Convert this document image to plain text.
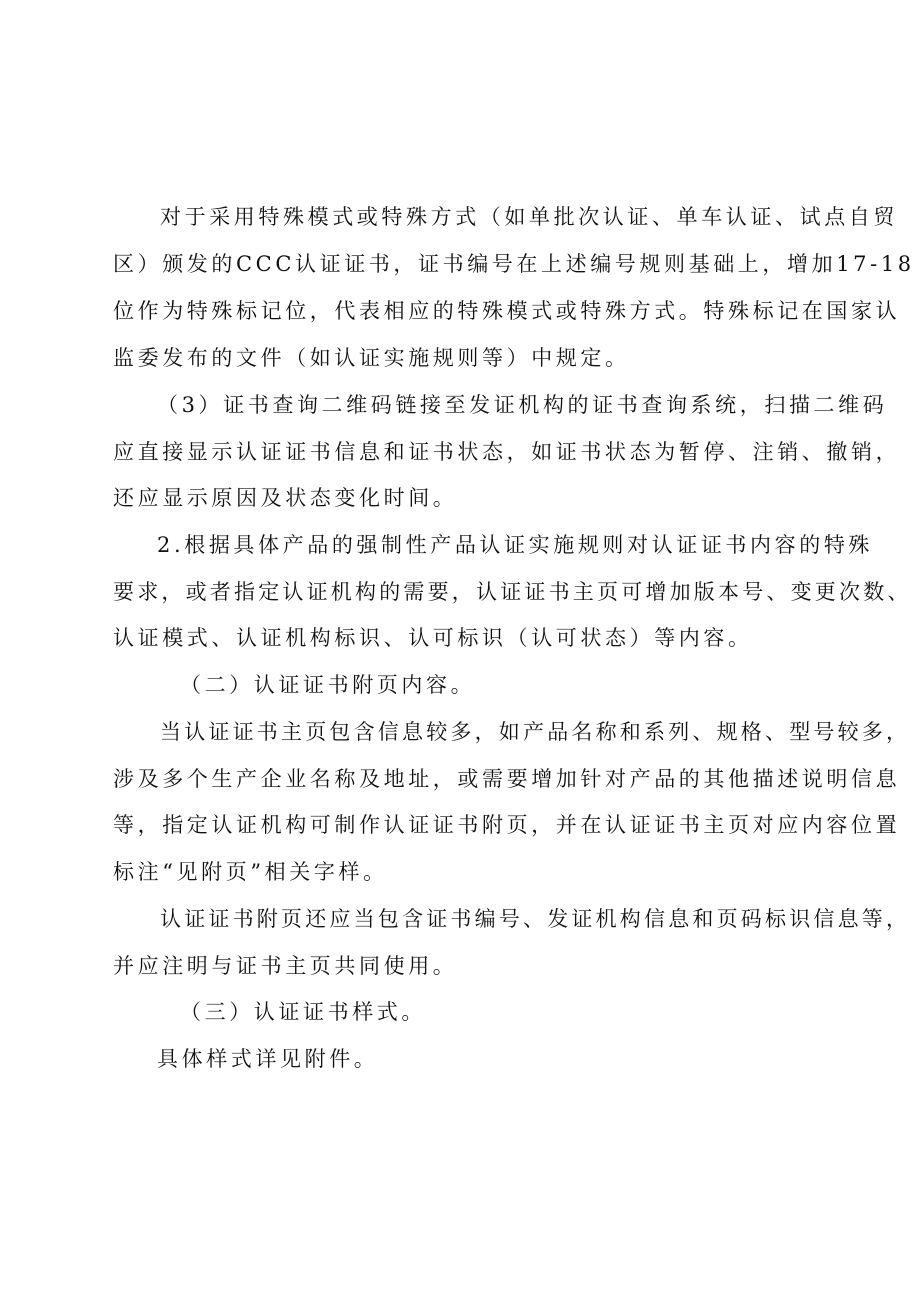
对于采用特殊模式或特殊方式（如单批次认证、单车认证、试点自贸
区）颁发的CCC认证证书，证书编号在上述编号规则基础上，增加17-18
位作为特殊标记位，代表相应的特殊模式或特殊方式。特殊标记在国家认
监委发布的文件（如认证实施规则等）中规定。
（3）证书查询二维码链接至发证机构的证书查询系统，扫描二维码
应直接显示认证证书信息和证书状态，如证书状态为暂停、注销、撤销，
还应显示原因及状态变化时间。
2.根据具体产品的强制性产品认证实施规则对认证证书内容的特殊
要求，或者指定认证机构的需要，认证证书主页可增加版本号、变更次数、
认证模式、认证机构标识、认可标识（认可状态）等内容。
（二）认证证书附页内容。
当认证证书主页包含信息较多，如产品名称和系列、规格、型号较多，
涉及多个生产企业名称及地址，或需要增加针对产品的其他描述说明信息
等，指定认证机构可制作认证证书附页，并在认证证书主页对应内容位置
标注“见附页”相关字样。
认证证书附页还应当包含证书编号、发证机构信息和页码标识信息等，
并应注明与证书主页共同使用。
（三）认证证书样式。
具体样式详见附件。
